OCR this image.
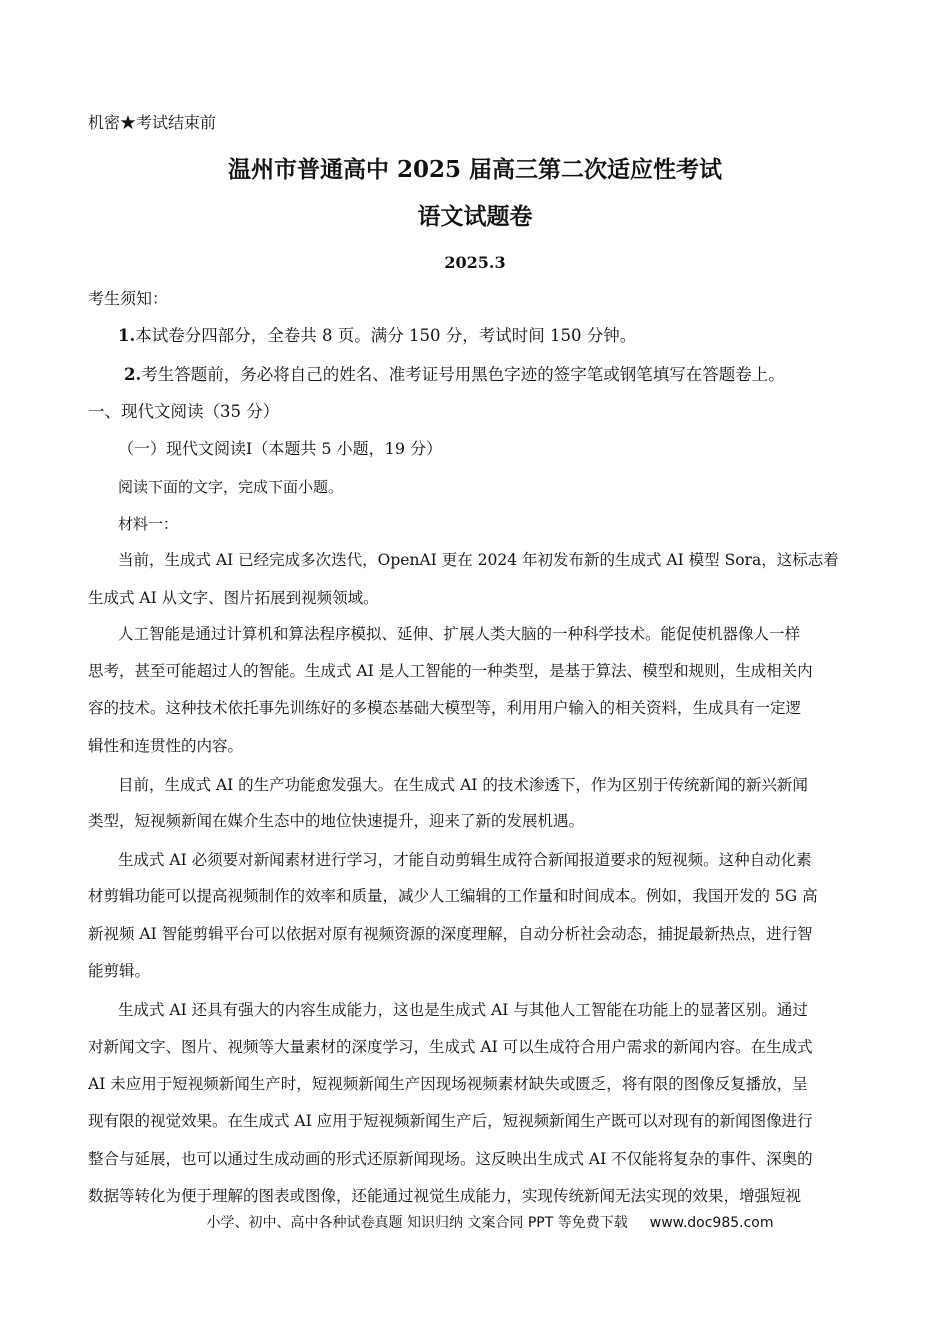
机密★考试结束前
温州市普通高中 2025 届高三第二次适应性考试
语文试题卷
2025.3
考生须知：
1.本试卷分四部分，全卷共 8 页。满分 150 分，考试时间 150 分钟。
2.考生答题前，务必将自己的姓名、准考证号用黑色字迹的签字笔或钢笔填写在答题卷上。
一、现代文阅读（35 分）
（一）现代文阅读Ⅰ（本题共 5 小题，19 分）
阅读下面的文字，完成下面小题。
材料一：
当前，生成式 AI 已经完成多次迭代，OpenAI 更在 2024 年初发布新的生成式 AI 模型 Sora，这标志着
生成式 AI 从文字、图片拓展到视频领域。
人工智能是通过计算机和算法程序模拟、延伸、扩展人类大脑的一种科学技术。能促使机器像人一样
思考，甚至可能超过人的智能。生成式 AI 是人工智能的一种类型，是基于算法、模型和规则，生成相关内
容的技术。这种技术依托事先训练好的多模态基础大模型等，利用用户输入的相关资料，生成具有一定逻
辑性和连贯性的内容。
目前，生成式 AI 的生产功能愈发强大。在生成式 AI 的技术渗透下，作为区别于传统新闻的新兴新闻
类型，短视频新闻在媒介生态中的地位快速提升，迎来了新的发展机遇。
生成式 AI 必须要对新闻素材进行学习，才能自动剪辑生成符合新闻报道要求的短视频。这种自动化素
材剪辑功能可以提高视频制作的效率和质量，减少人工编辑的工作量和时间成本。例如，我国开发的 5G 高
新视频 AI 智能剪辑平台可以依据对原有视频资源的深度理解，自动分析社会动态，捕捉最新热点，进行智
能剪辑。
生成式 AI 还具有强大的内容生成能力，这也是生成式 AI 与其他人工智能在功能上的显著区别。通过
对新闻文字、图片、视频等大量素材的深度学习，生成式 AI 可以生成符合用户需求的新闻内容。在生成式
AI 未应用于短视频新闻生产时，短视频新闻生产因现场视频素材缺失或匮乏，将有限的图像反复播放，呈
现有限的视觉效果。在生成式 AI 应用于短视频新闻生产后，短视频新闻生产既可以对现有的新闻图像进行
整合与延展，也可以通过生成动画的形式还原新闻现场。这反映出生成式 AI 不仅能将复杂的事件、深奥的
数据等转化为便于理解的图表或图像，还能通过视觉生成能力，实现传统新闻无法实现的效果，增强短视
小学、初中、高中各种试卷真题 知识归纳 文案合同 PPT 等免费下载 www.doc985.com
